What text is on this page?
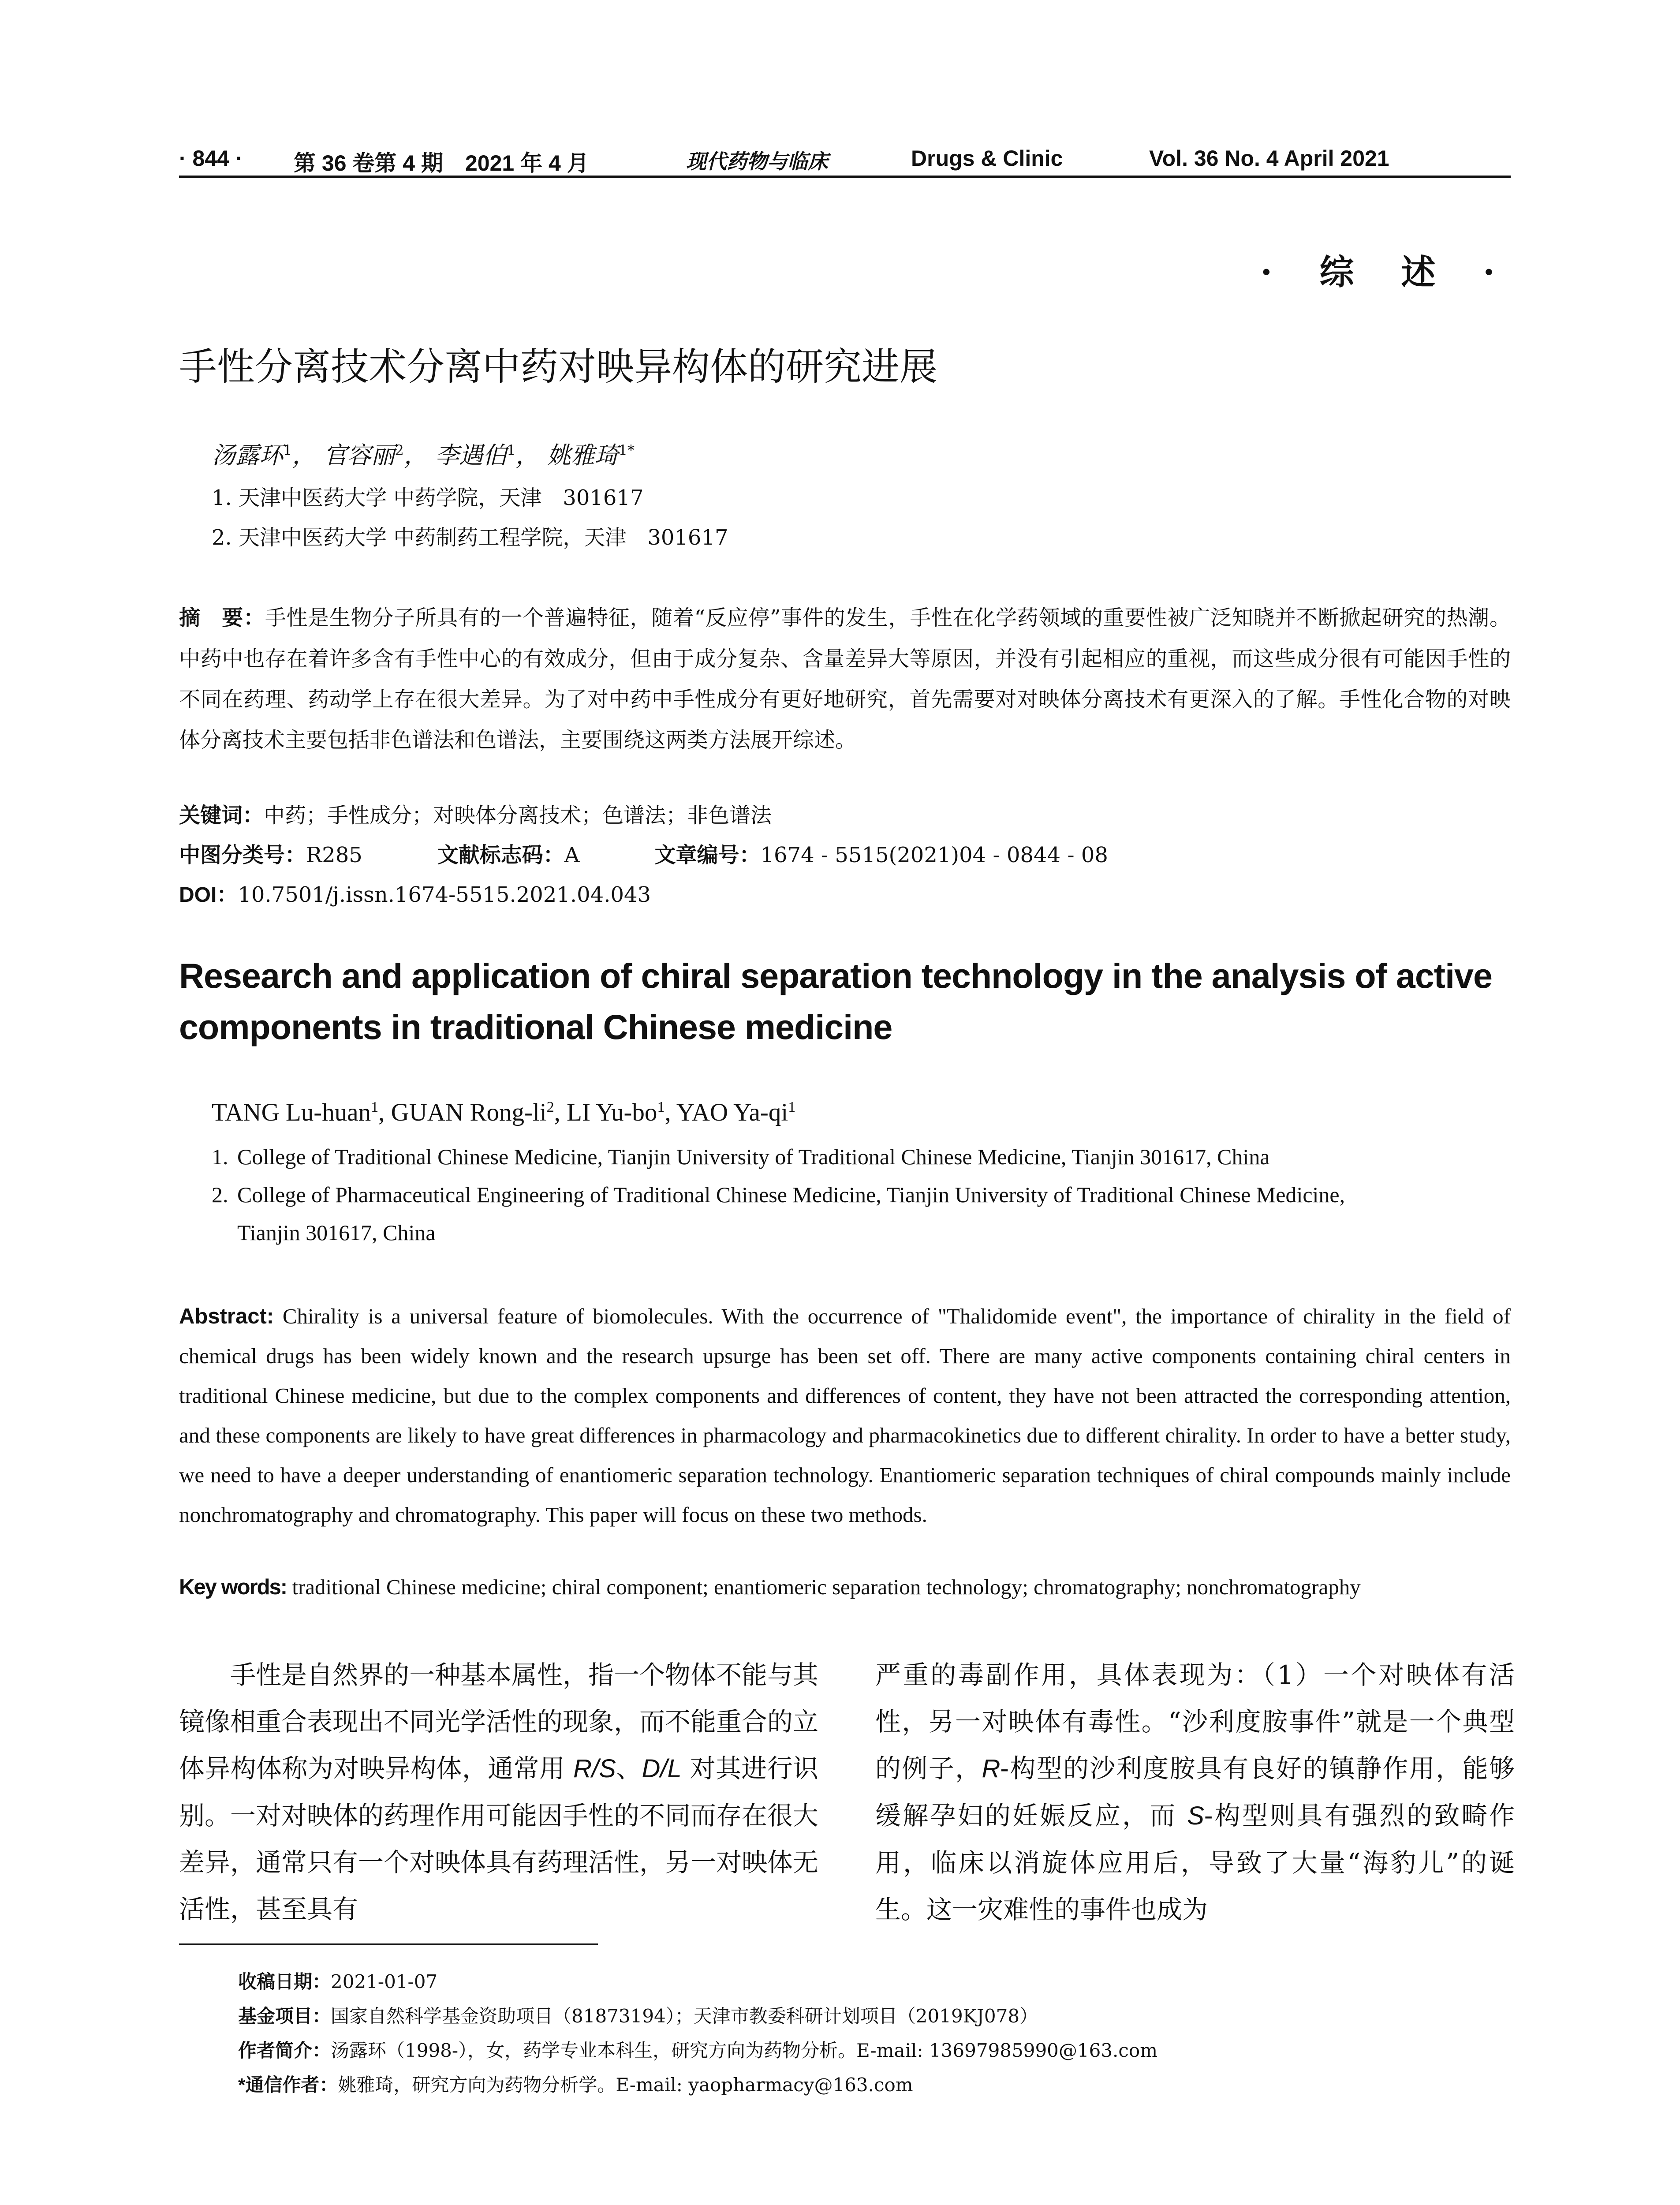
· 844 · 第 36 卷第 4 期　2021 年 4 月	现代药物与临床	Drugs & Clinic	Vol. 36 No. 4 April 2021
· 综 述 ·
手性分离技术分离中药对映异构体的研究进展
汤露环$^1$， 官容丽$^2$， 李遇伯$^1$， 姚雅琦$^{1*}$
1. 天津中医药大学 中药学院，天津　301617
2. 天津中医药大学 中药制药工程学院，天津　301617
摘　要：手性是生物分子所具有的一个普遍特征，随着“反应停”事件的发生，手性在化学药领域的重要性被广泛知晓并不断掀起研究的热潮。中药中也存在着许多含有手性中心的有效成分，但由于成分复杂、含量差异大等原因，并没有引起相应的重视，而这些成分很有可能因手性的不同在药理、药动学上存在很大差异。为了对中药中手性成分有更好地研究，首先需要对对映体分离技术有更深入的了解。手性化合物的对映体分离技术主要包括非色谱法和色谱法，主要围绕这两类方法展开综述。
关键词：中药；手性成分；对映体分离技术；色谱法；非色谱法
中图分类号：R285	文献标志码：A	文章编号：1674 - 5515(2021)04 - 0844 - 08
DOI：10.7501/j.issn.1674-5515.2021.04.043
Research and application of chiral separation technology in the analysis of active components in traditional Chinese medicine
TANG Lu-huan$^1$, GUAN Rong-$li^2$, LI $Yu-bo^1$, YAO $Ya-qi^1$
1. College of Traditional Chinese Medicine, Tianjin University of Traditional Chinese Medicine, Tianjin 301617, China
2. College of Pharmaceutical Engineering of Traditional Chinese Medicine, Tianjin University of Traditional Chinese Medicine,
Tianjin 301617, China
Abstract: Chirality is a universal feature of biomolecules. With the occurrence of "Thalidomide event", the importance of chirality in the field of chemical drugs has been widely known and the research upsurge has been set off. There are many active components containing chiral centers in traditional Chinese medicine, but due to the complex components and differences of content, they have not been attracted the corresponding attention, and these components are likely to have great differences in pharmacology and pharmacokinetics due to different chirality. In order to have a better study, we need to have a deeper understanding of enantiomeric separation technology. Enantiomeric separation techniques of chiral compounds mainly include nonchromatography and chromatography. This paper will focus on these two methods.
Key words: traditional Chinese medicine; chiral component; enantiomeric separation technology; chromatography; nonchromatography
手性是自然界的一种基本属性，指一个物体不能与其镜像相重合表现出不同光学活性的现象，而不能重合的立体异构体称为对映异构体，通常用 R/S、D/L 对其进行识别。一对对映体的药理作用可能因手性的不同而存在很大差异，通常只有一个对映体具有药理活性，另一对映体无活性，甚至具有
严重的毒副作用，具体表现为：（1）一个对映体有活性，另一对映体有毒性。“沙利度胺事件”就是一个典型的例子，R-构型的沙利度胺具有良好的镇静作用，能够缓解孕妇的妊娠反应，而 S-构型则具有强烈的致畸作用，临床以消旋体应用后，导致了大量“海豹儿”的诞生。这一灾难性的事件也成为
收稿日期：2021-01-07
基金项目：国家自然科学基金资助项目（81873194）；天津市教委科研计划项目（2019KJ078）
作者简介：汤露环（1998-），女，药学专业本科生，研究方向为药物分析。E-mail: 13697985990@163.com
*通信作者：姚雅琦，研究方向为药物分析学。E-mail: yaopharmacy@163.com
